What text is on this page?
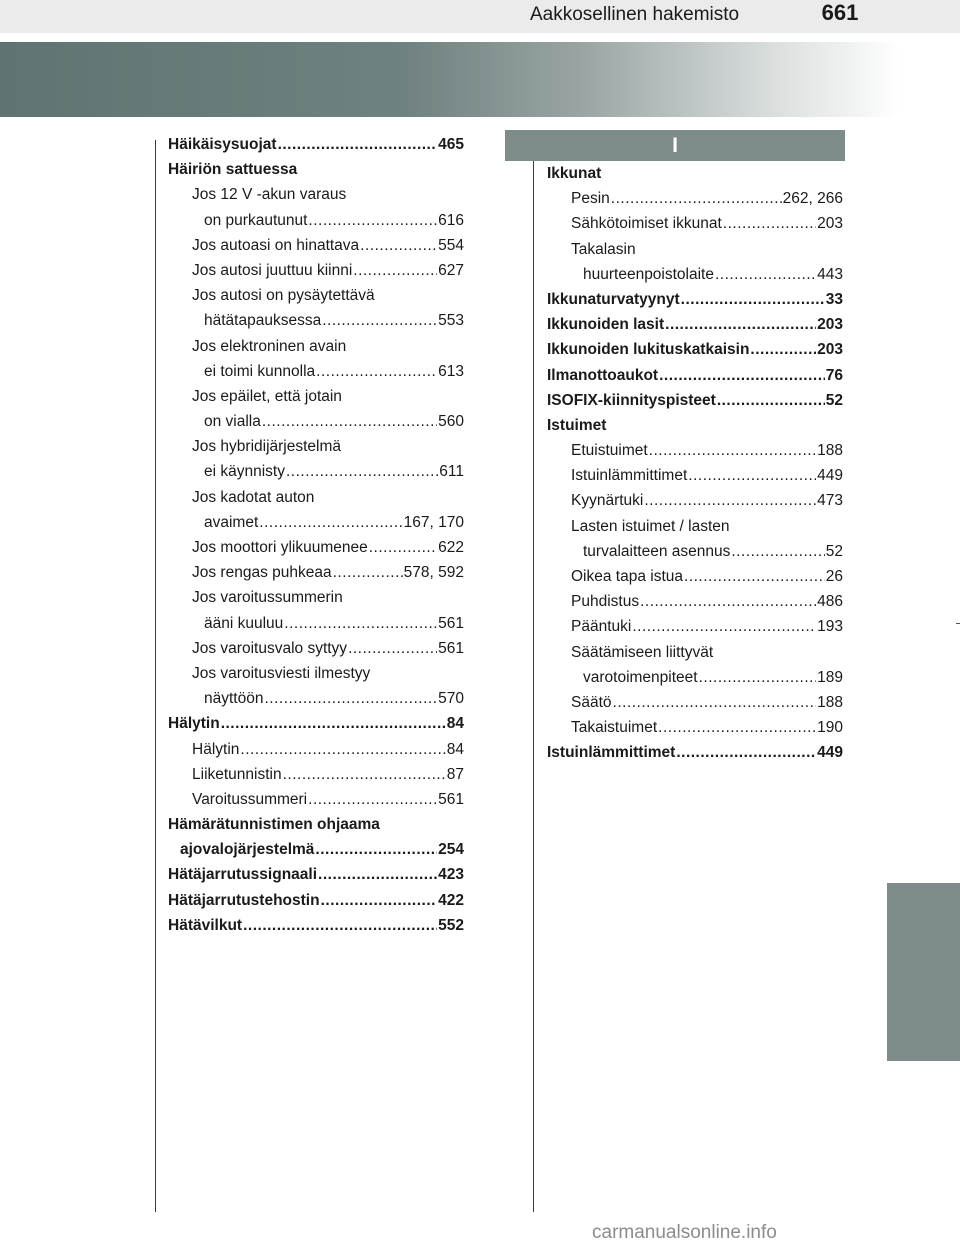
Aakkosellinen hakemisto	661
I
Häikäisysuojat .....	465
Häiriön sattuessa
Jos 12 V -akun varaus
on purkautunut .....	616
Jos autoasi on hinattava .....	554
Jos autosi juuttuu kiinni .....	627
Jos autosi on pysäytettävä
hätätapauksessa .....	553
Jos elektroninen avain
ei toimi kunnolla .....	613
Jos epäilet, että jotain
on vialla .....	560
Jos hybridijärjestelmä
ei käynnisty .....	611
Jos kadotat auton
avaimet .....	167, 170
Jos moottori ylikuumenee .....	622
Jos rengas puhkeaa .....	578, 592
Jos varoitussummerin
ääni kuuluu .....	561
Jos varoitusvalo syttyy .....	561
Jos varoitusviesti ilmestyy
näyttöön .....	570
Hälytin .....	84
Hälytin .....	84
Liiketunnistin .....	87
Varoitussummeri .....	561
Hämärätunnistimen ohjaama
ajovalojärjestelmä .....	254
Hätäjarrutussignaali .....	423
Hätäjarrutustehostin .....	422
Hätävilkut .....	552
Ikkunat
Pesin .....	262, 266
Sähkötoimiset ikkunat .....	203
Takalasin
huurteenpoistolaite .....	443
Ikkunaturvatyynyt .....	33
Ikkunoiden lasit .....	203
Ikkunoiden lukituskatkaisin .....	203
Ilmanottoaukot .....	76
ISOFIX-kiinnityspisteet .....	52
Istuimet
Etuistuimet .....	188
Istuinlämmittimet .....	449
Kyynärtuki .....	473
Lasten istuimet / lasten
turvalaitteen asennus .....	52
Oikea tapa istua .....	26
Puhdistus .....	486
Pääntuki .....	193
Säätämiseen liittyvät
varotoimenpiteet .....	189
Säätö .....	188
Takaistuimet .....	190
Istuinlämmittimet .....	449
carmanualsonline.info
